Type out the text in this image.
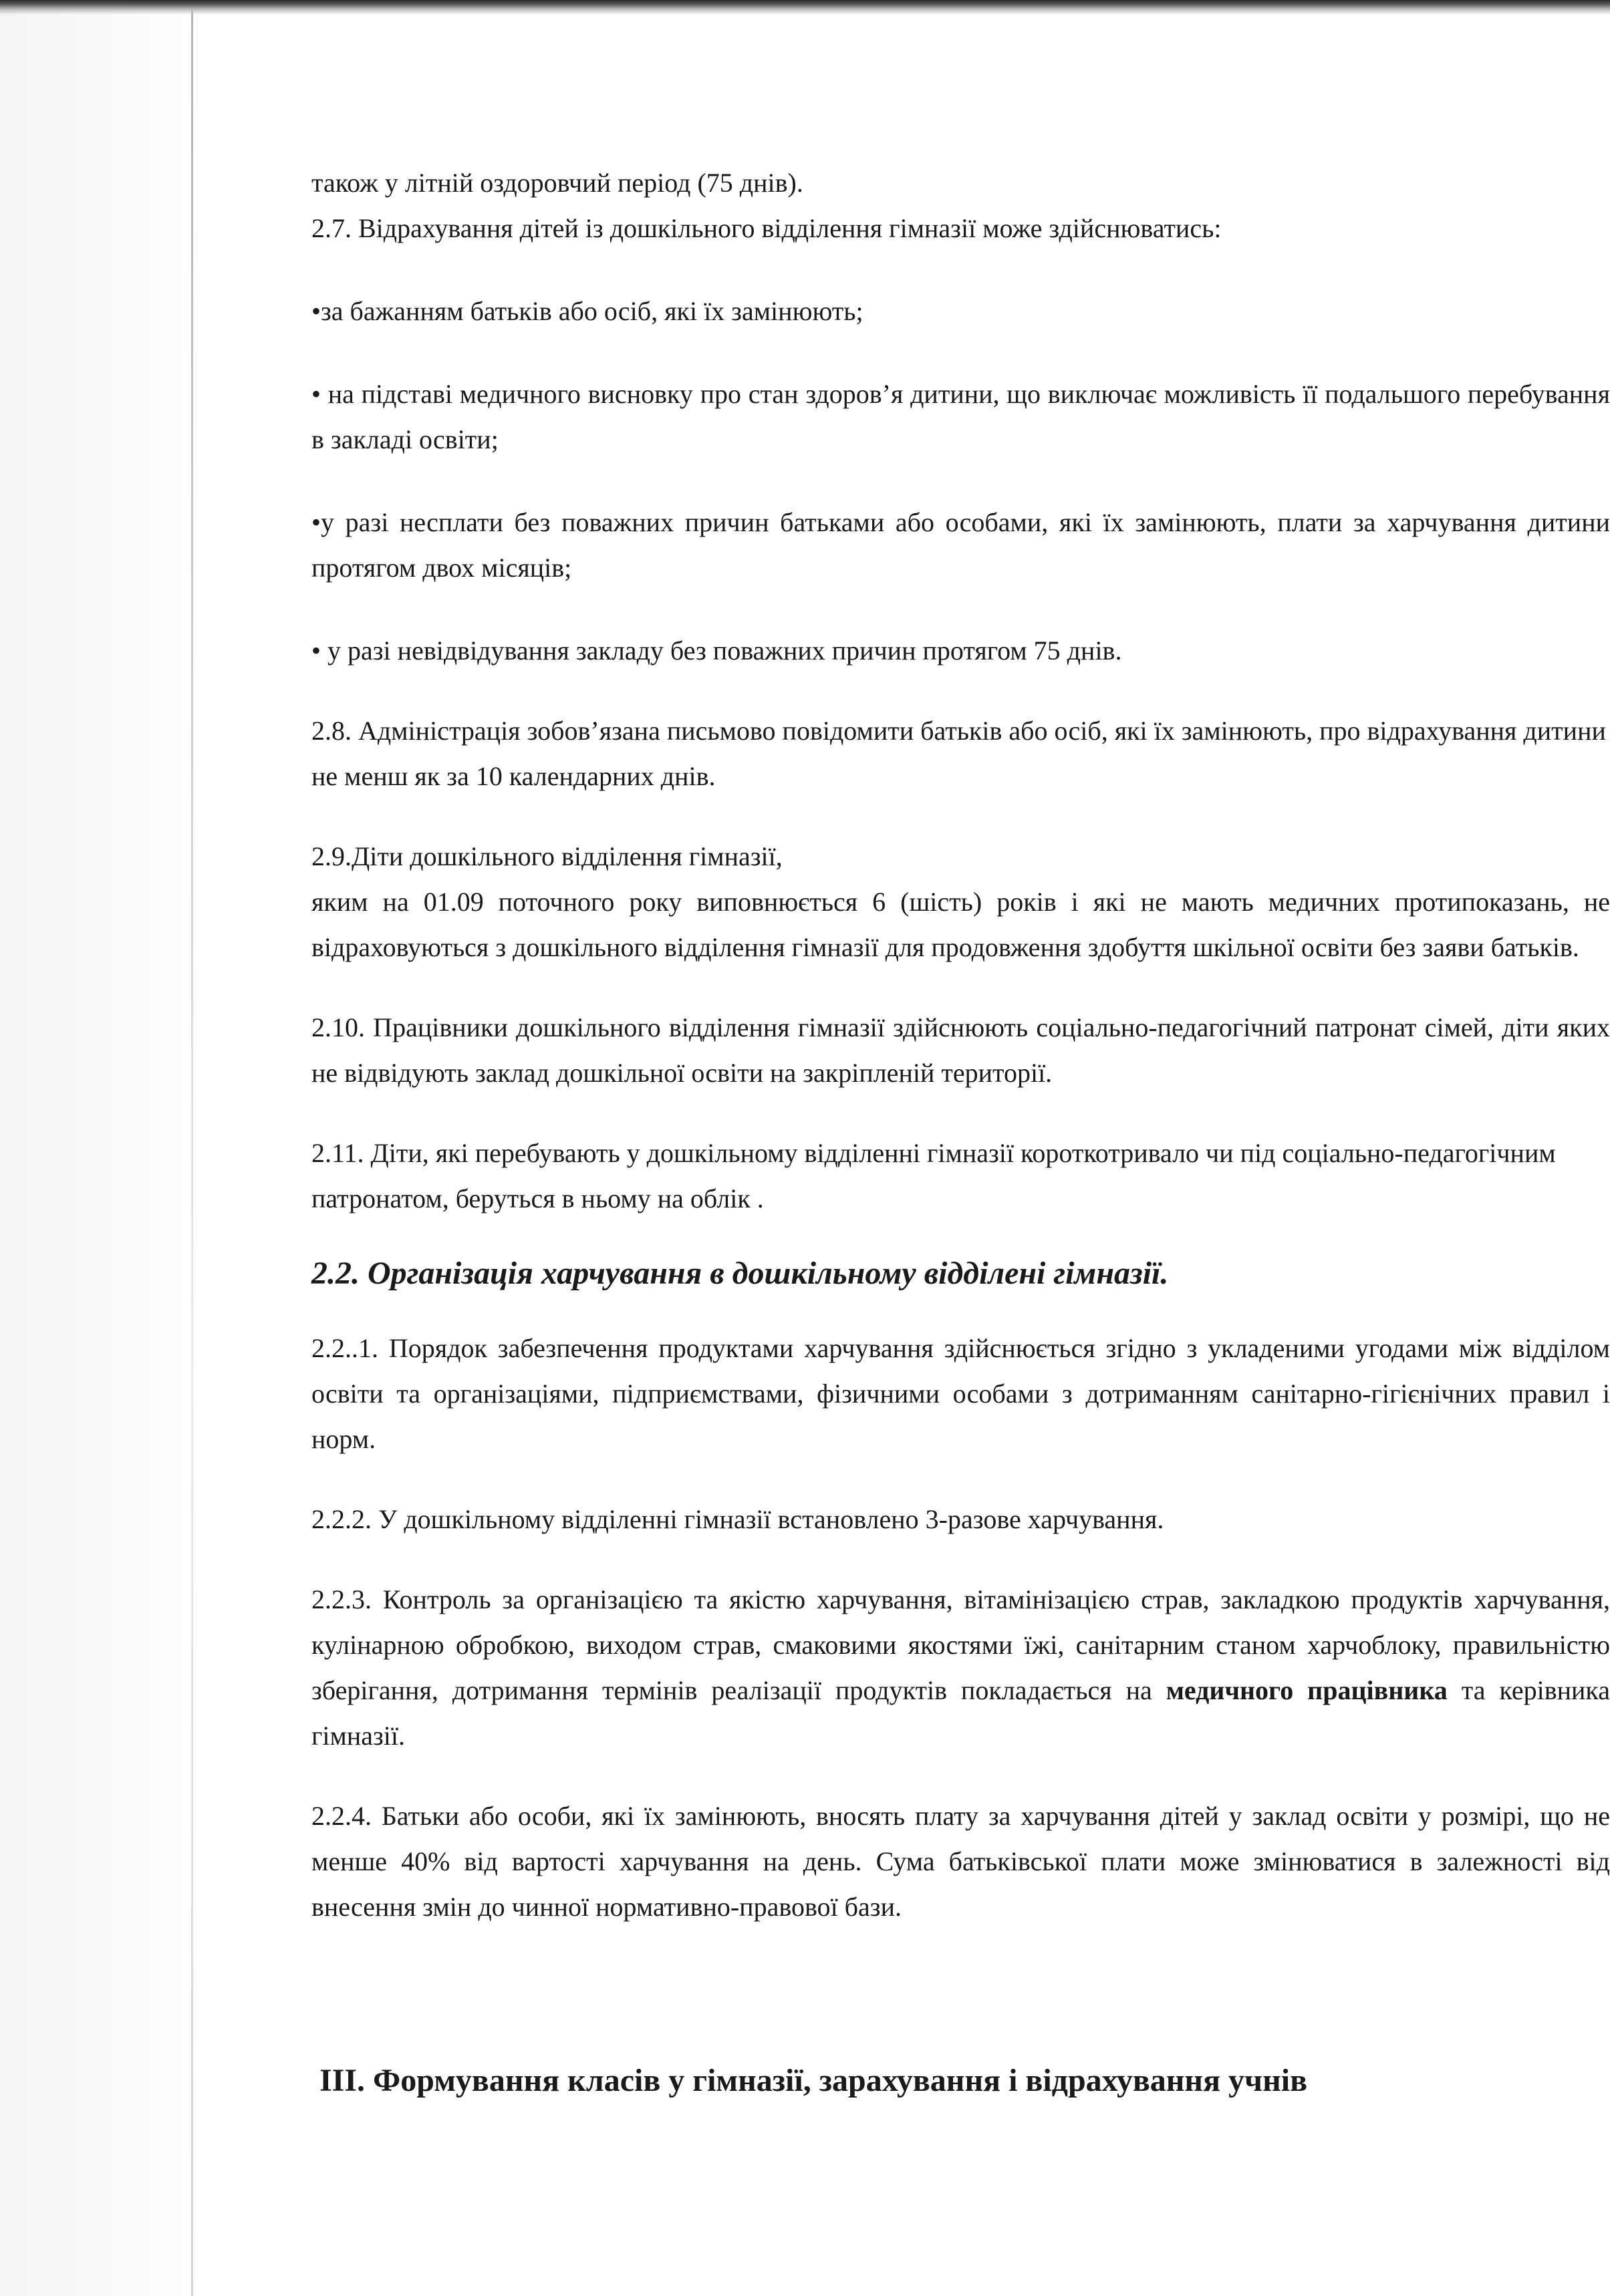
також у літній оздоровчий період (75 днів).

2.7. Відрахування дітей із дошкільного відділення гімназії може здійснюватись:

•за бажанням батьків або осіб, які їх замінюють;

• на підставі медичного висновку про стан здоров’я дитини, що виключає можливість її подальшого перебування в закладі освіти;

•у разі несплати без поважних причин батьками або особами, які їх замінюють, плати за харчування дитини протягом двох місяців;

• у разі невідвідування закладу без поважних причин протягом 75 днів.

2.8. Адміністрація зобов’язана письмово повідомити батьків або осіб, які їх замінюють, про відрахування дитини не менш як за 10 календарних днів.

2.9.Діти дошкільного відділення гімназії,

яким на 01.09 поточного року виповнюється 6 (шість) років і які не мають медичних протипоказань, не відраховуються з дошкільного відділення гімназії для продовження здобуття шкільної освіти без заяви батьків.

2.10. Працівники дошкільного відділення гімназії здійснюють соціально-педагогічний патронат сімей, діти яких не відвідують заклад дошкільної освіти на закріпленій території.

2.11. Діти, які перебувають у дошкільному відділенні гімназії короткотривало чи під соціально-педагогічним патронатом, беруться в ньому на облік .

2.2. Організація харчування в дошкільному відділені гімназії.

2.2..1. Порядок забезпечення продуктами харчування здійснюється згідно з укладеними угодами між відділом освіти та організаціями, підприємствами, фізичними особами з дотриманням санітарно-гігієнічних правил і норм.

2.2.2. У дошкільному відділенні гімназії встановлено 3-разове харчування.

2.2.3. Контроль за організацією та якістю харчування, вітамінізацією страв, закладкою продуктів харчування, кулінарною обробкою, виходом страв, смаковими якостями їжі, санітарним станом харчоблоку, правильністю зберігання, дотримання термінів реалізації продуктів покладається на медичного працівника та керівника гімназії.

2.2.4. Батьки або особи, які їх замінюють, вносять плату за харчування дітей у заклад освіти у розмірі, що не менше 40% від вартості харчування на день. Сума батьківської плати може змінюватися в залежності від внесення змін до чинної нормативно-правової бази.

ІІІ. Формування класів у гімназії, зарахування і відрахування учнів
